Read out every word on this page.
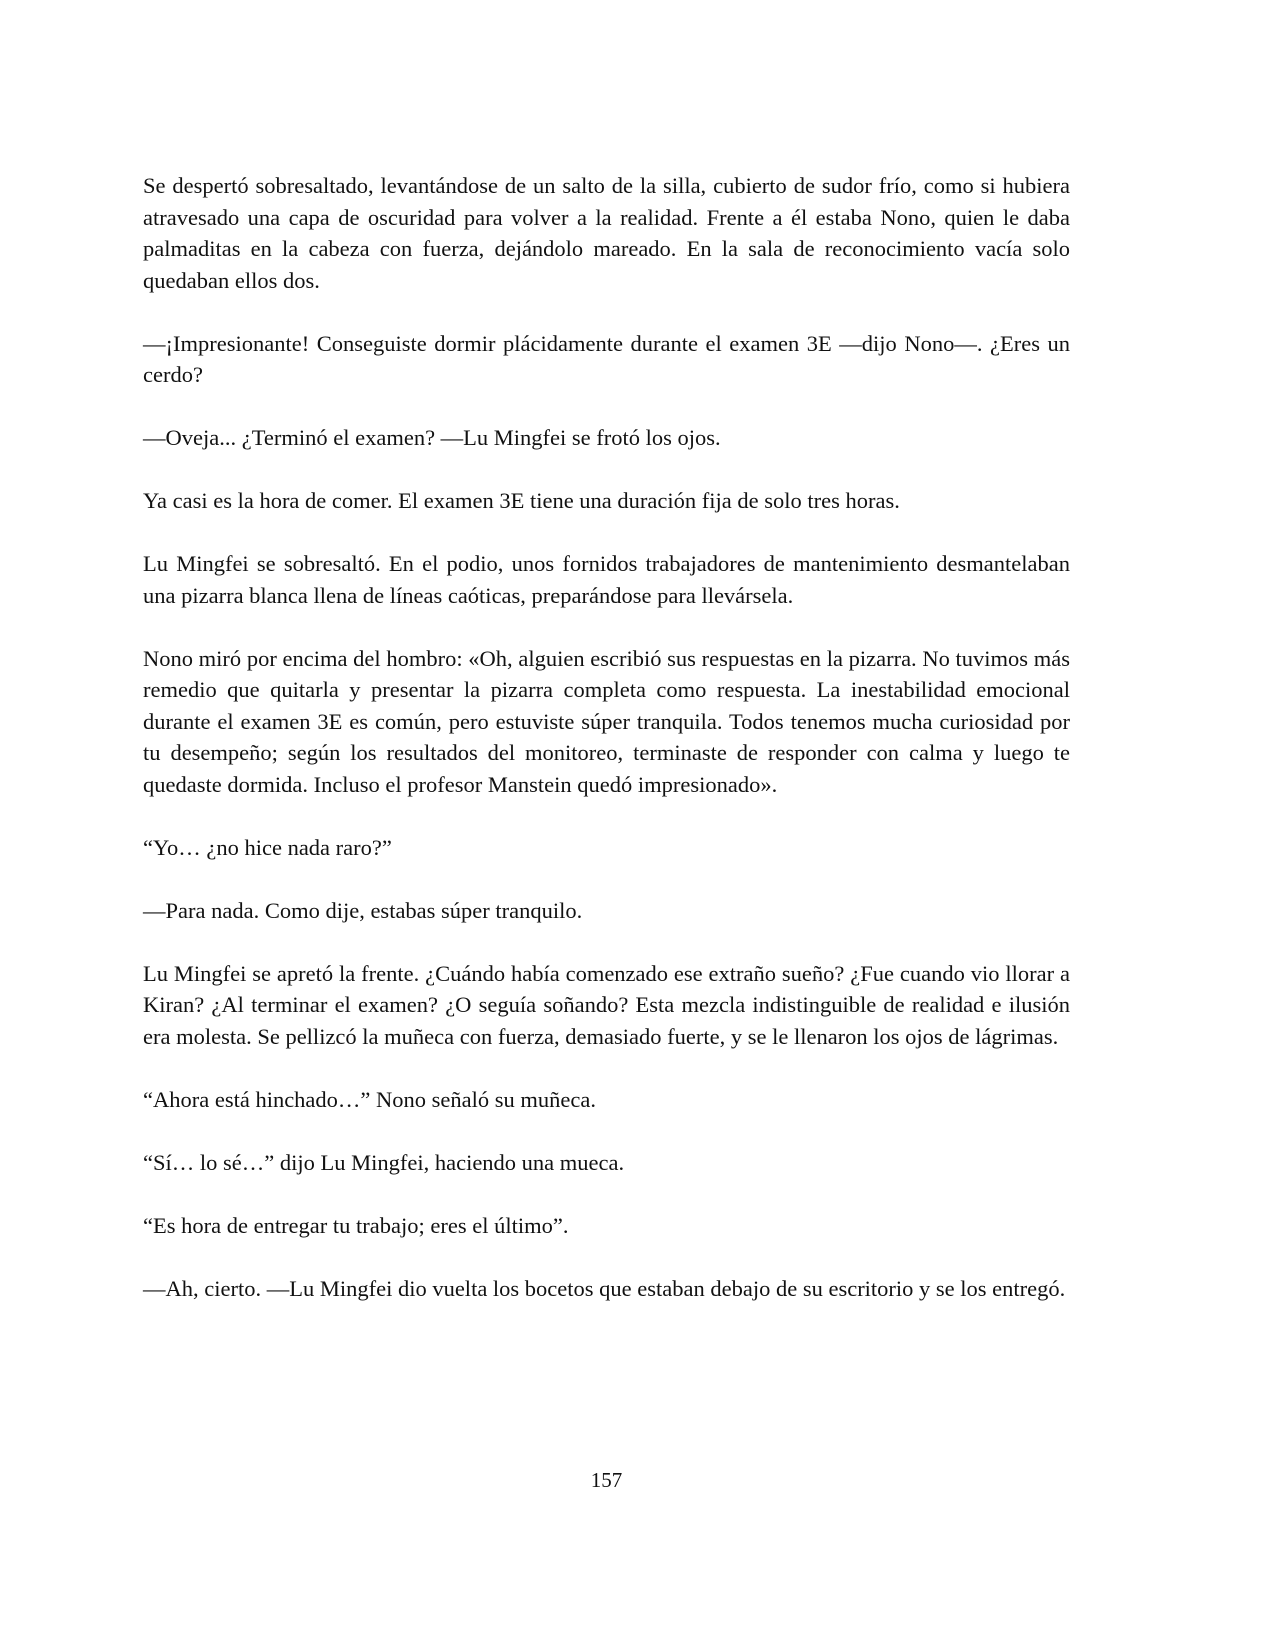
Se despertó sobresaltado, levantándose de un salto de la silla, cubierto de sudor frío, como si hubiera atravesado una capa de oscuridad para volver a la realidad. Frente a él estaba Nono, quien le daba palmaditas en la cabeza con fuerza, dejándolo mareado. En la sala de reconocimiento vacía solo quedaban ellos dos.

—¡Impresionante! Conseguiste dormir plácidamente durante el examen 3E —dijo Nono—. ¿Eres un cerdo?

—Oveja... ¿Terminó el examen? —Lu Mingfei se frotó los ojos.

Ya casi es la hora de comer. El examen 3E tiene una duración fija de solo tres horas.

Lu Mingfei se sobresaltó. En el podio, unos fornidos trabajadores de mantenimiento desmantelaban una pizarra blanca llena de líneas caóticas, preparándose para llevársela.

Nono miró por encima del hombro: «Oh, alguien escribió sus respuestas en la pizarra. No tuvimos más remedio que quitarla y presentar la pizarra completa como respuesta. La inestabilidad emocional durante el examen 3E es común, pero estuviste súper tranquila. Todos tenemos mucha curiosidad por tu desempeño; según los resultados del monitoreo, terminaste de responder con calma y luego te quedaste dormida. Incluso el profesor Manstein quedó impresionado».

“Yo… ¿no hice nada raro?”

—Para nada. Como dije, estabas súper tranquilo.

Lu Mingfei se apretó la frente. ¿Cuándo había comenzado ese extraño sueño? ¿Fue cuando vio llorar a Kiran? ¿Al terminar el examen? ¿O seguía soñando? Esta mezcla indistinguible de realidad e ilusión era molesta. Se pellizcó la muñeca con fuerza, demasiado fuerte, y se le llenaron los ojos de lágrimas.

“Ahora está hinchado…” Nono señaló su muñeca.

“Sí… lo sé…” dijo Lu Mingfei, haciendo una mueca.

“Es hora de entregar tu trabajo; eres el último”.

—Ah, cierto. —Lu Mingfei dio vuelta los bocetos que estaban debajo de su escritorio y se los entregó.

157
